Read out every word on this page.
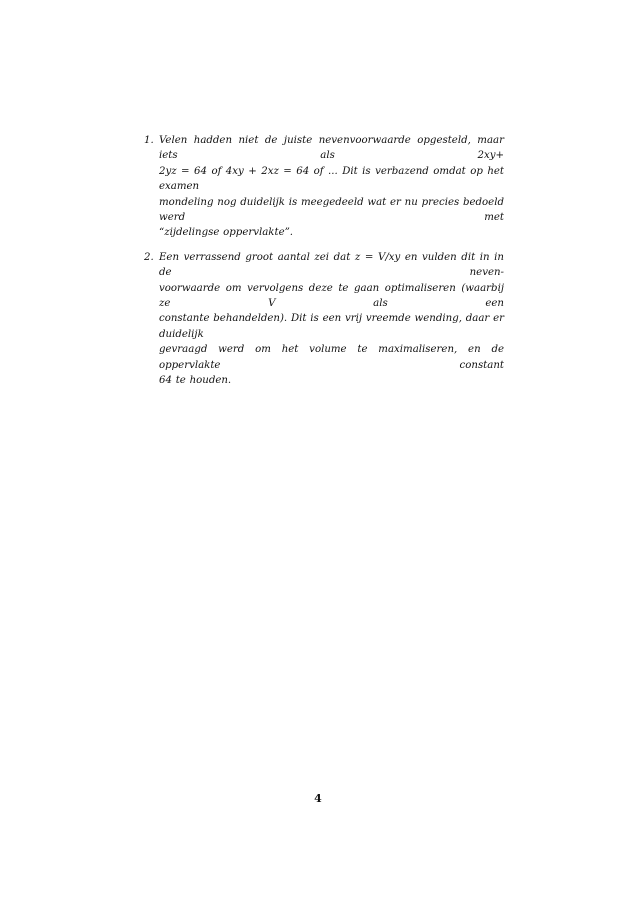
1. Velen hadden niet de juiste nevenvoorwaarde opgesteld, maar iets als 2xy+
2yz = 64 of 4xy + 2xz = 64 of ... Dit is verbazend omdat op het examen
mondeling nog duidelijk is meegedeeld wat er nu precies bedoeld werd met
“zijdelingse oppervlakte”.
2. Een verrassend groot aantal zei dat z = V/xy en vulden dit in in de neven-
voorwaarde om vervolgens deze te gaan optimaliseren (waarbij ze V als een
constante behandelden). Dit is een vrij vreemde wending, daar er duidelijk
gevraagd werd om het volume te maximaliseren, en de oppervlakte constant
64 te houden.
4
